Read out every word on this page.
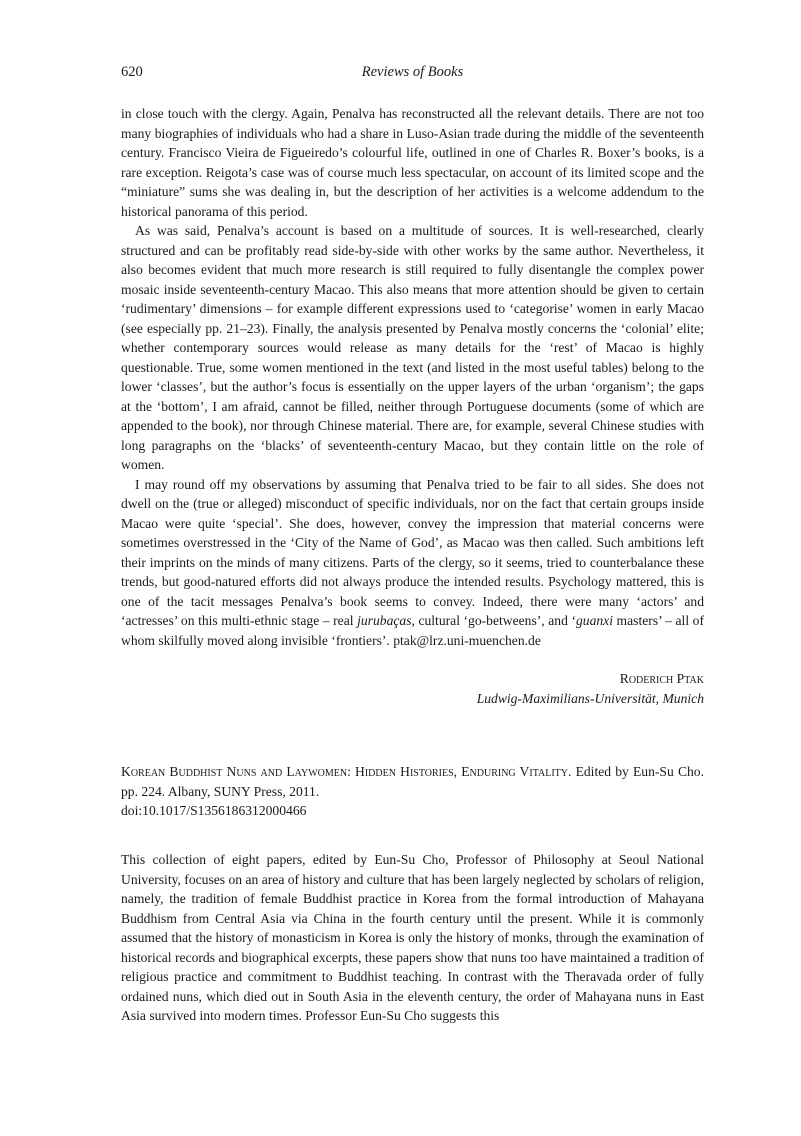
620	Reviews of Books

in close touch with the clergy. Again, Penalva has reconstructed all the relevant details. There are not too many biographies of individuals who had a share in Luso-Asian trade during the middle of the seventeenth century. Francisco Vieira de Figueiredo’s colourful life, outlined in one of Charles R. Boxer’s books, is a rare exception. Reigota’s case was of course much less spectacular, on account of its limited scope and the “miniature” sums she was dealing in, but the description of her activities is a welcome addendum to the historical panorama of this period.

As was said, Penalva’s account is based on a multitude of sources. It is well-researched, clearly structured and can be profitably read side-by-side with other works by the same author. Nevertheless, it also becomes evident that much more research is still required to fully disentangle the complex power mosaic inside seventeenth-century Macao. This also means that more attention should be given to certain ‘rudimentary’ dimensions – for example different expressions used to ‘categorise’ women in early Macao (see especially pp. 21–23). Finally, the analysis presented by Penalva mostly concerns the ‘colonial’ elite; whether contemporary sources would release as many details for the ‘rest’ of Macao is highly questionable. True, some women mentioned in the text (and listed in the most useful tables) belong to the lower ‘classes’, but the author’s focus is essentially on the upper layers of the urban ‘organism’; the gaps at the ‘bottom’, I am afraid, cannot be filled, neither through Portuguese documents (some of which are appended to the book), nor through Chinese material. There are, for example, several Chinese studies with long paragraphs on the ‘blacks’ of seventeenth-century Macao, but they contain little on the role of women.

I may round off my observations by assuming that Penalva tried to be fair to all sides. She does not dwell on the (true or alleged) misconduct of specific individuals, nor on the fact that certain groups inside Macao were quite ‘special’. She does, however, convey the impression that material concerns were sometimes overstressed in the ‘City of the Name of God’, as Macao was then called. Such ambitions left their imprints on the minds of many citizens. Parts of the clergy, so it seems, tried to counterbalance these trends, but good-natured efforts did not always produce the intended results. Psychology mattered, this is one of the tacit messages Penalva’s book seems to convey. Indeed, there were many ‘actors’ and ‘actresses’ on this multi-ethnic stage – real jurubaças, cultural ‘go-betweens’, and ‘guanxi masters’ – all of whom skilfully moved along invisible ‘frontiers’. ptak@lrz.uni-muenchen.de

Roderich Ptak
Ludwig-Maximilians-Universität, Munich
Korean Buddhist Nuns and Laywomen: Hidden Histories, Enduring Vitality. Edited by Eun-Su Cho. pp. 224. Albany, SUNY Press, 2011.
doi:10.1017/S1356186312000466

This collection of eight papers, edited by Eun-Su Cho, Professor of Philosophy at Seoul National University, focuses on an area of history and culture that has been largely neglected by scholars of religion, namely, the tradition of female Buddhist practice in Korea from the formal introduction of Mahayana Buddhism from Central Asia via China in the fourth century until the present. While it is commonly assumed that the history of monasticism in Korea is only the history of monks, through the examination of historical records and biographical excerpts, these papers show that nuns too have maintained a tradition of religious practice and commitment to Buddhist teaching. In contrast with the Theravada order of fully ordained nuns, which died out in South Asia in the eleventh century, the order of Mahayana nuns in East Asia survived into modern times. Professor Eun-Su Cho suggests this
